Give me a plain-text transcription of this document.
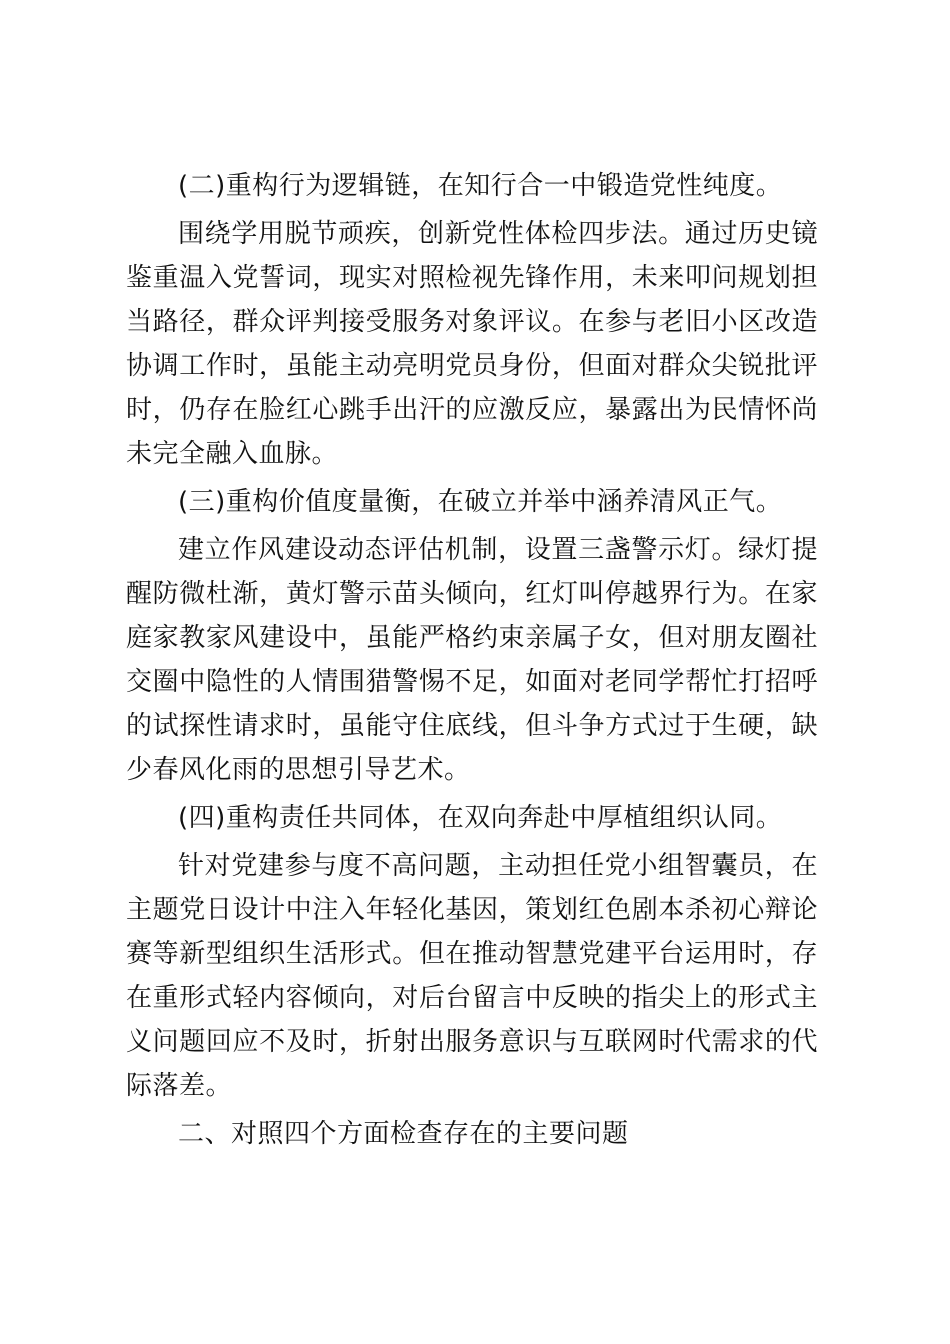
(二)重构行为逻辑链，在知行合一中锻造党性纯度。

围绕学用脱节顽疾，创新党性体检四步法。通过历史镜鉴重温入党誓词，现实对照检视先锋作用，未来叩问规划担当路径，群众评判接受服务对象评议。在参与老旧小区改造协调工作时，虽能主动亮明党员身份，但面对群众尖锐批评时，仍存在脸红心跳手出汗的应激反应，暴露出为民情怀尚未完全融入血脉。

(三)重构价值度量衡，在破立并举中涵养清风正气。

建立作风建设动态评估机制，设置三盏警示灯。绿灯提醒防微杜渐，黄灯警示苗头倾向，红灯叫停越界行为。在家庭家教家风建设中，虽能严格约束亲属子女，但对朋友圈社交圈中隐性的人情围猎警惕不足，如面对老同学帮忙打招呼的试探性请求时，虽能守住底线，但斗争方式过于生硬，缺少春风化雨的思想引导艺术。

(四)重构责任共同体，在双向奔赴中厚植组织认同。

针对党建参与度不高问题，主动担任党小组智囊员，在主题党日设计中注入年轻化基因，策划红色剧本杀初心辩论赛等新型组织生活形式。但在推动智慧党建平台运用时，存在重形式轻内容倾向，对后台留言中反映的指尖上的形式主义问题回应不及时，折射出服务意识与互联网时代需求的代际落差。

二、对照四个方面检查存在的主要问题
